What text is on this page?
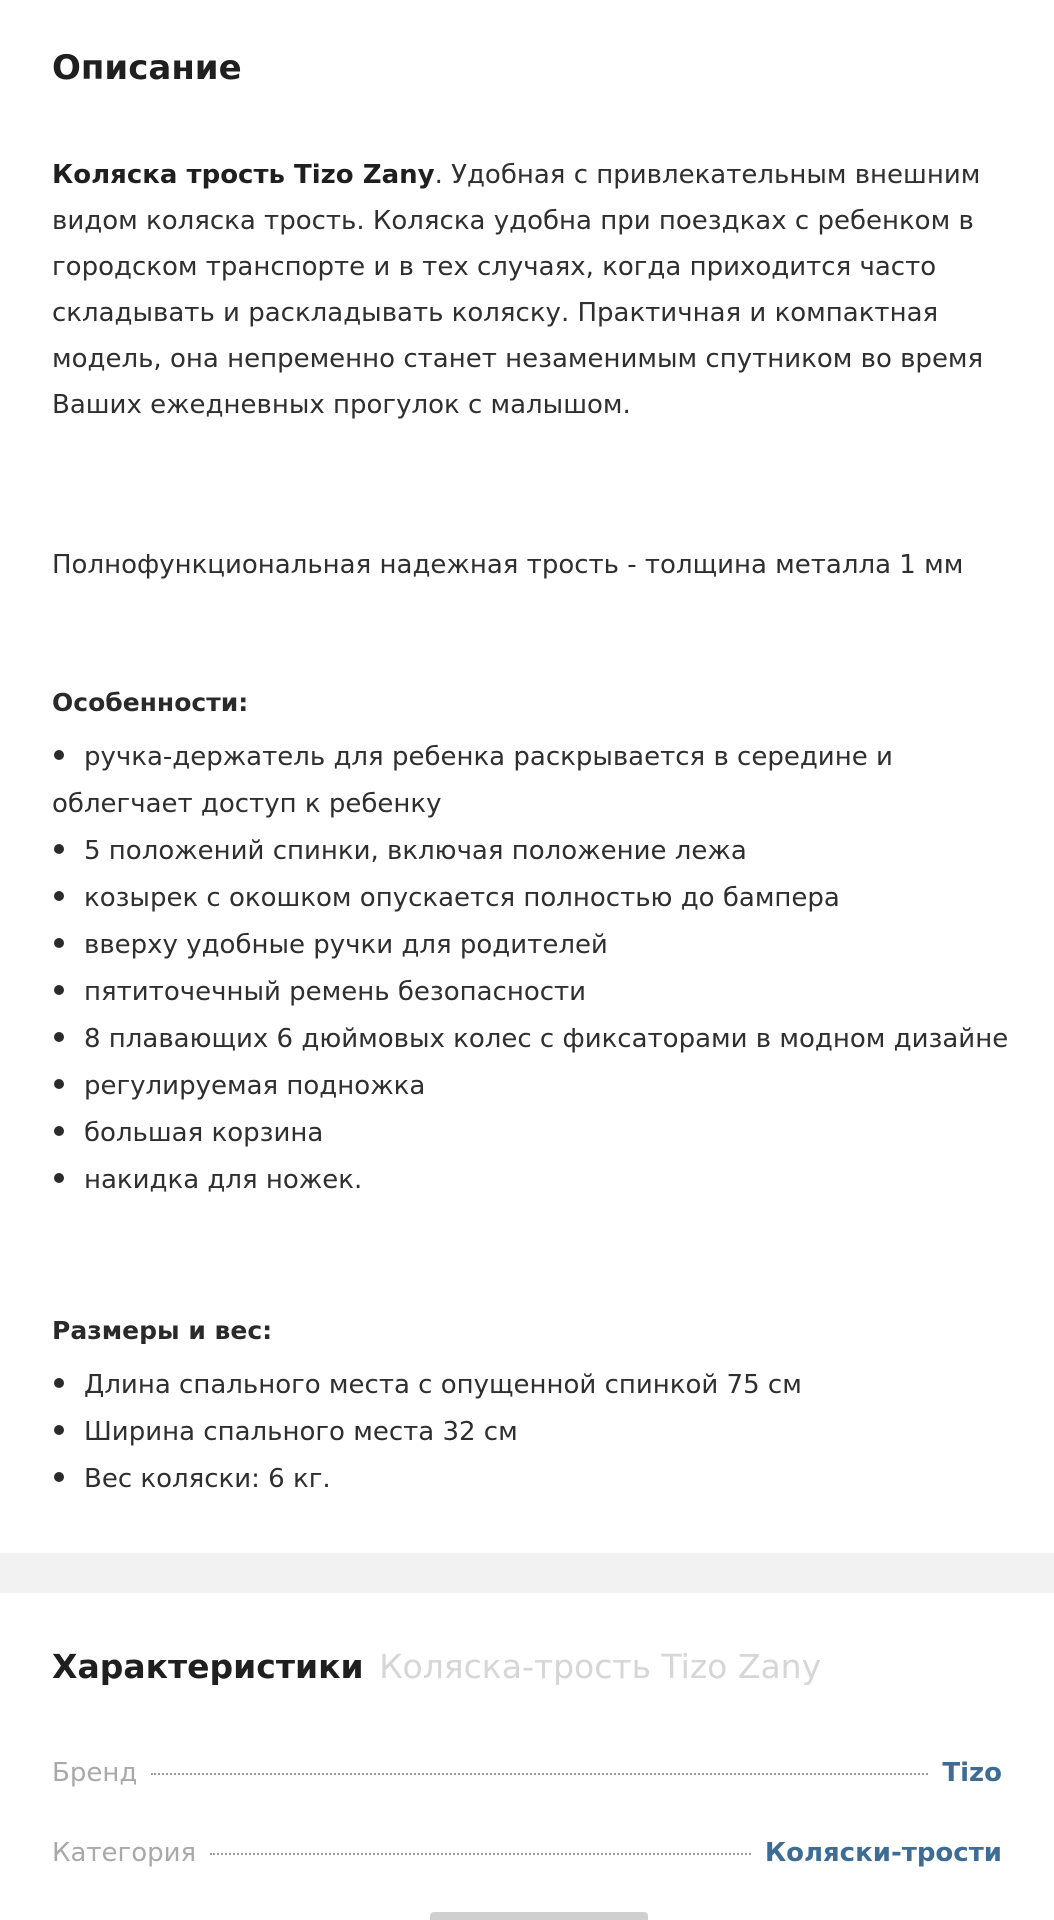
Описание

Коляска трость Tizo Zany. Удобная с привлекательным внешним видом коляска трость. Коляска удобна при поездках с ребенком в городском транспорте и в тех случаях, когда приходится часто складывать и раскладывать коляску. Практичная и компактная модель, она непременно станет незаменимым спутником во время Ваших ежедневных прогулок с малышом.

Полнофункциональная надежная трость - толщина металла 1 мм

Особенности:
ручка-держатель для ребенка раскрывается в середине и облегчает доступ к ребенку
5 положений спинки, включая положение лежа
козырек с окошком опускается полностью до бампера
вверху удобные ручки для родителей
пятиточечный ремень безопасности
8 плавающих 6 дюймовых колес с фиксаторами в модном дизайне
регулируемая подножка
большая корзина
накидка для ножек.
Размеры и вес:
Длина спального места с опущенной спинкой 75 см
Ширина спального места 32 см
Вес коляски: 6 кг.
Характеристики Коляска-трость Tizo Zany
Бренд	Tizo
Категория	Коляски-трости
